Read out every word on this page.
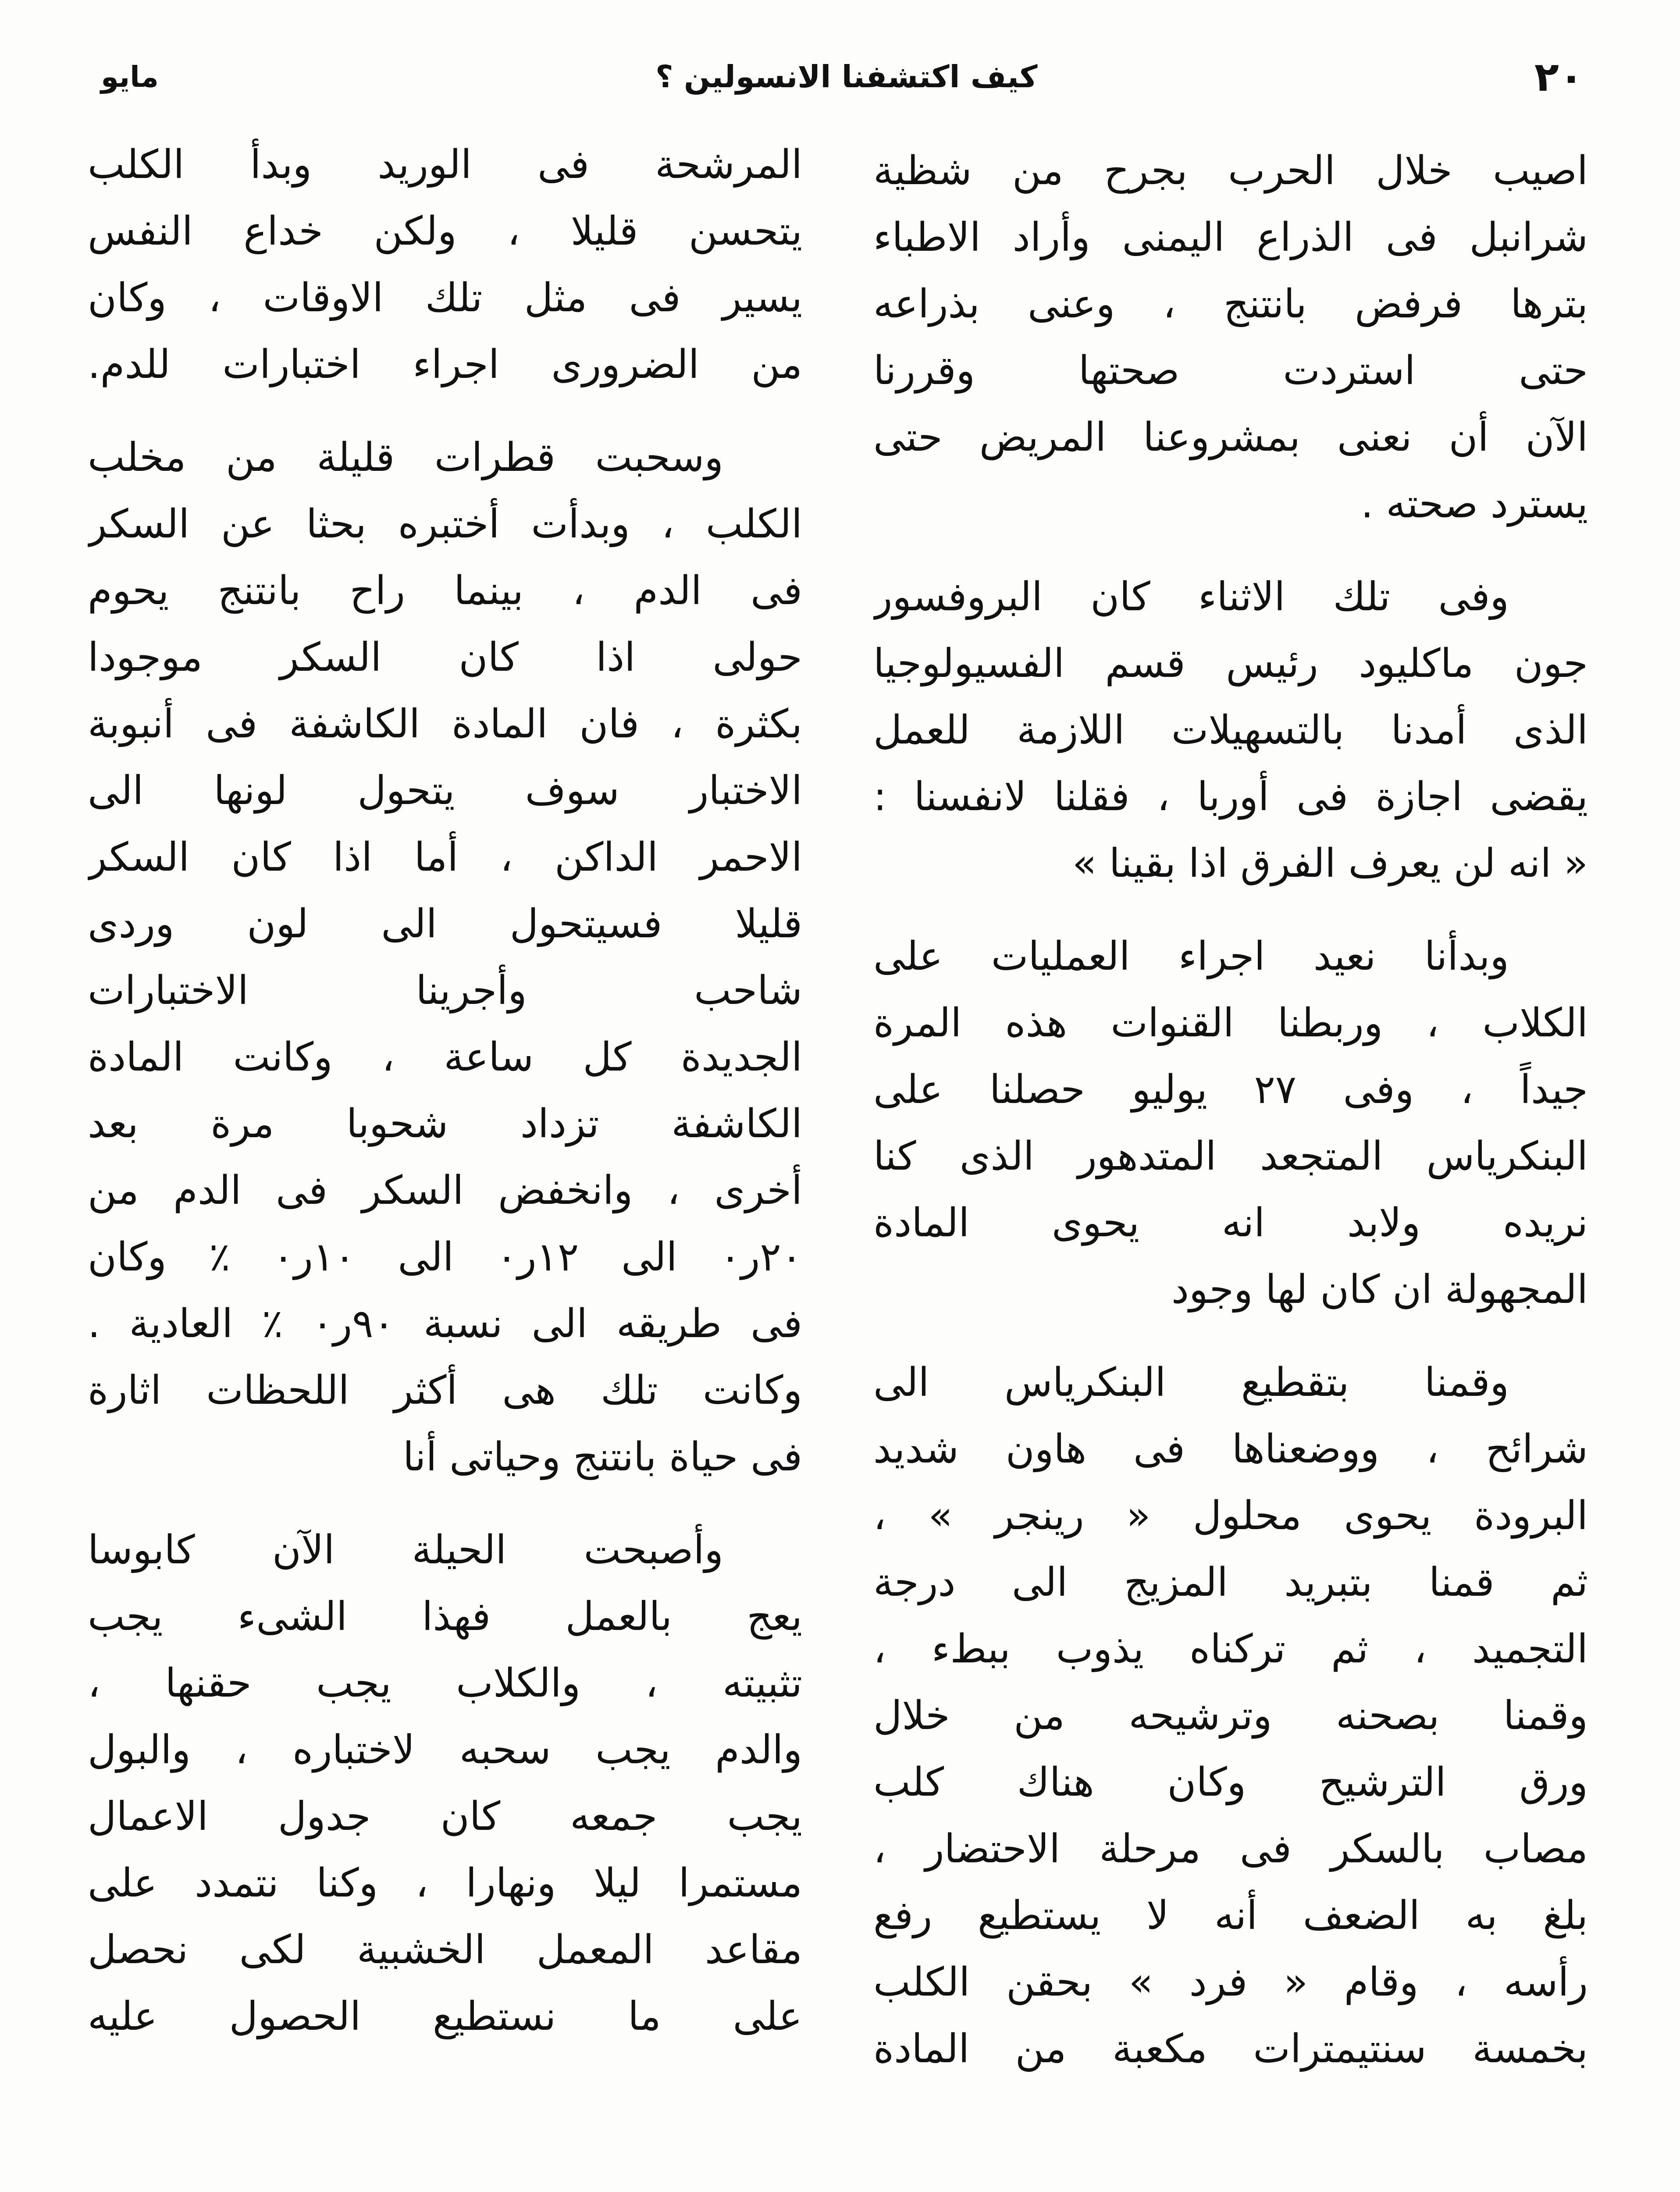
٢٠
كيف اكتشفنا الانسولين ؟
مايو
اصيب خلال الحرب بجرح من شظية
شرانبل فى الذراع اليمنى وأراد الاطباء
بترها فرفض بانتنج ، وعنى بذراعه
حتى استردت صحتها وقررنا
الآن أن نعنى بمشروعنا المريض حتى
يسترد صحته .
وفى تلك الاثناء كان البروفسور
جون ماكليود رئيس قسم الفسيولوجيا
الذى أمدنا بالتسهيلات اللازمة للعمل
يقضى اجازة فى أوربا ، فقلنا لانفسنا :
« انه لن يعرف الفرق اذا بقينا »
وبدأنا نعيد اجراء العمليات على
الكلاب ، وربطنا القنوات هذه المرة
جيداً ، وفى ٢٧ يوليو حصلنا على
البنكرياس المتجعد المتدهور الذى كنا
نريده ولابد انه يحوى المادة
المجهولة ان كان لها وجود
وقمنا بتقطيع البنكرياس الى
شرائح ، ووضعناها فى هاون شديد
البرودة يحوى محلول « رينجر » ،
ثم قمنا بتبريد المزيج الى درجة
التجميد ، ثم تركناه يذوب ببطء ،
وقمنا بصحنه وترشيحه من خلال
ورق الترشيح وكان هناك كلب
مصاب بالسكر فى مرحلة الاحتضار ،
بلغ به الضعف أنه لا يستطيع رفع
رأسه ، وقام « فرد » بحقن الكلب
بخمسة سنتيمترات مكعبة من المادة
المرشحة فى الوريد وبدأ الكلب
يتحسن قليلا ، ولكن خداع النفس
يسير فى مثل تلك الاوقات ، وكان
من الضرورى اجراء اختبارات للدم.
وسحبت قطرات قليلة من مخلب
الكلب ، وبدأت أختبره بحثا عن السكر
فى الدم ، بينما راح بانتنج يحوم
حولى اذا كان السكر موجودا
بكثرة ، فان المادة الكاشفة فى أنبوبة
الاختبار سوف يتحول لونها الى
الاحمر الداكن ، أما اذا كان السكر
قليلا فسيتحول الى لون وردى
شاحب وأجرينا الاختبارات
الجديدة كل ساعة ، وكانت المادة
الكاشفة تزداد شحوبا مرة بعد
أخرى ، وانخفض السكر فى الدم من
٢٠ر٠ الى ١٢ر٠ الى ١٠ر٠ ٪ وكان
فى طريقه الى نسبة ٩٠ر٠ ٪ العادية .
وكانت تلك هى أكثر اللحظات اثارة
فى حياة بانتنج وحياتى أنا
وأصبحت الحيلة الآن كابوسا
يعج بالعمل فهذا الشىء يجب
تثبيته ، والكلاب يجب حقنها ،
والدم يجب سحبه لاختباره ، والبول
يجب جمعه كان جدول الاعمال
مستمرا ليلا ونهارا ، وكنا نتمدد على
مقاعد المعمل الخشبية لكى نحصل
على ما نستطيع الحصول عليه
